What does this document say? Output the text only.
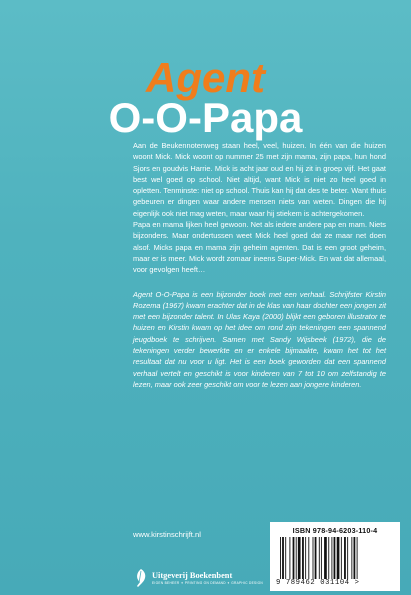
Agent
O-O-Papa

Aan de Beukennotenweg staan heel, veel, huizen. In één van die huizen woont Mick. Mick woont op nummer 25 met zijn mama, zijn papa, hun hond Sjors en goudvis Harrie. Mick is acht jaar oud en hij zit in groep vijf. Het gaat best wel goed op school. Niet altijd, want Mick is niet zo heel goed in opletten. Tenminste: niet op school. Thuis kan hij dat des te beter. Want thuis gebeuren er dingen waar andere mensen niets van weten. Dingen die hij eigenlijk ook niet mag weten, maar waar hij stiekem is achtergekomen.

Papa en mama lijken heel gewoon. Net als iedere andere pap en mam. Niets bijzonders. Maar ondertussen weet Mick heel goed dat ze maar net doen alsof. Micks papa en mama zijn geheim agenten. Dat is een groot geheim, maar er is meer. Mick wordt zomaar ineens Super-Mick. En wat dat allemaal, voor gevolgen heeft…

Agent O-O-Papa is een bijzonder boek met een verhaal. Schrijfster Kirstin Rozema (1967) kwam erachter dat in de klas van haar dochter een jongen zit met een bijzonder talent. In Ulas Kaya (2000) blijkt een geboren illustrator te huizen en Kirstin kwam op het idee om rond zijn tekeningen een spannend jeugdboek te schrijven. Samen met Sandy Wijsbeek (1972), die de tekeningen verder bewerkte en er enkele bijmaakte, kwam het tot het resultaat dat nu voor u ligt. Het is een boek geworden dat een spannend verhaal vertelt en geschikt is voor kinderen van 7 tot 10 om zelfstandig te lezen, maar ook zeer geschikt om voor te lezen aan jongere kinderen.

www.kirstinschrijft.nl
Uitgeverij Boekenbent
EIGEN BEHEER ✦ PRINTING ON DEMAND ✦ GRAPHIC DESIGN
ISBN 978-94-6203-110-4
9 789462 031104 >
